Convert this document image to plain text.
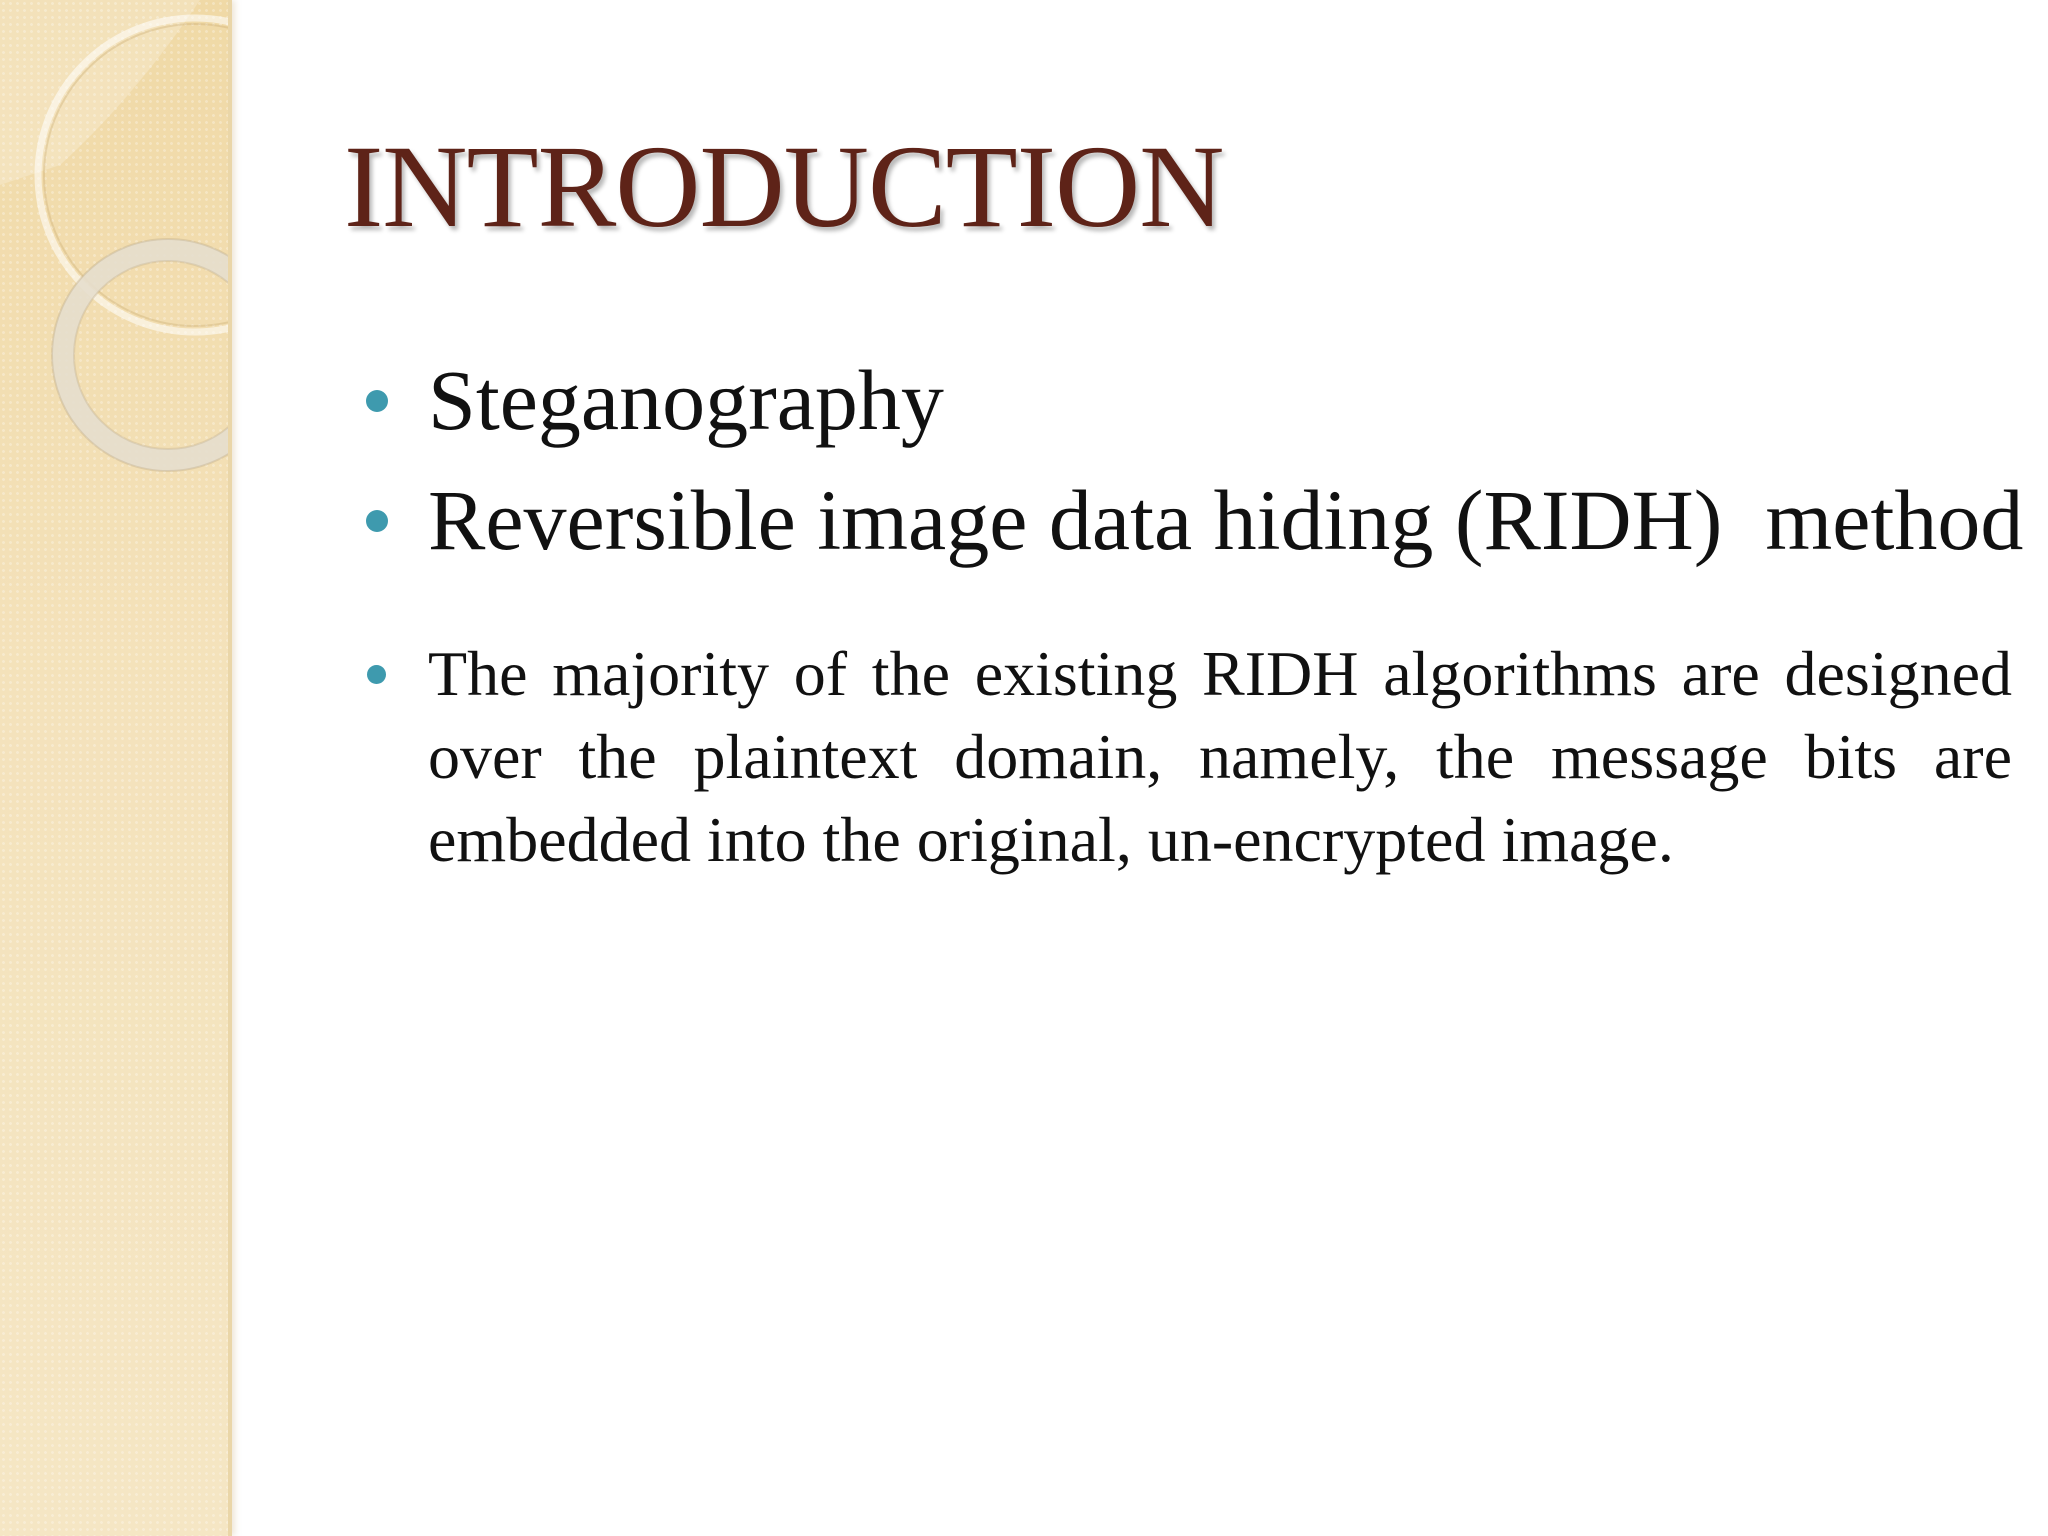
INTRODUCTION
Steganography
Reversible image data hiding (RIDH)  method
The majority of the existing RIDH algorithms are designed over the plaintext domain, namely, the message bits are embedded into the original, un-encrypted image.
